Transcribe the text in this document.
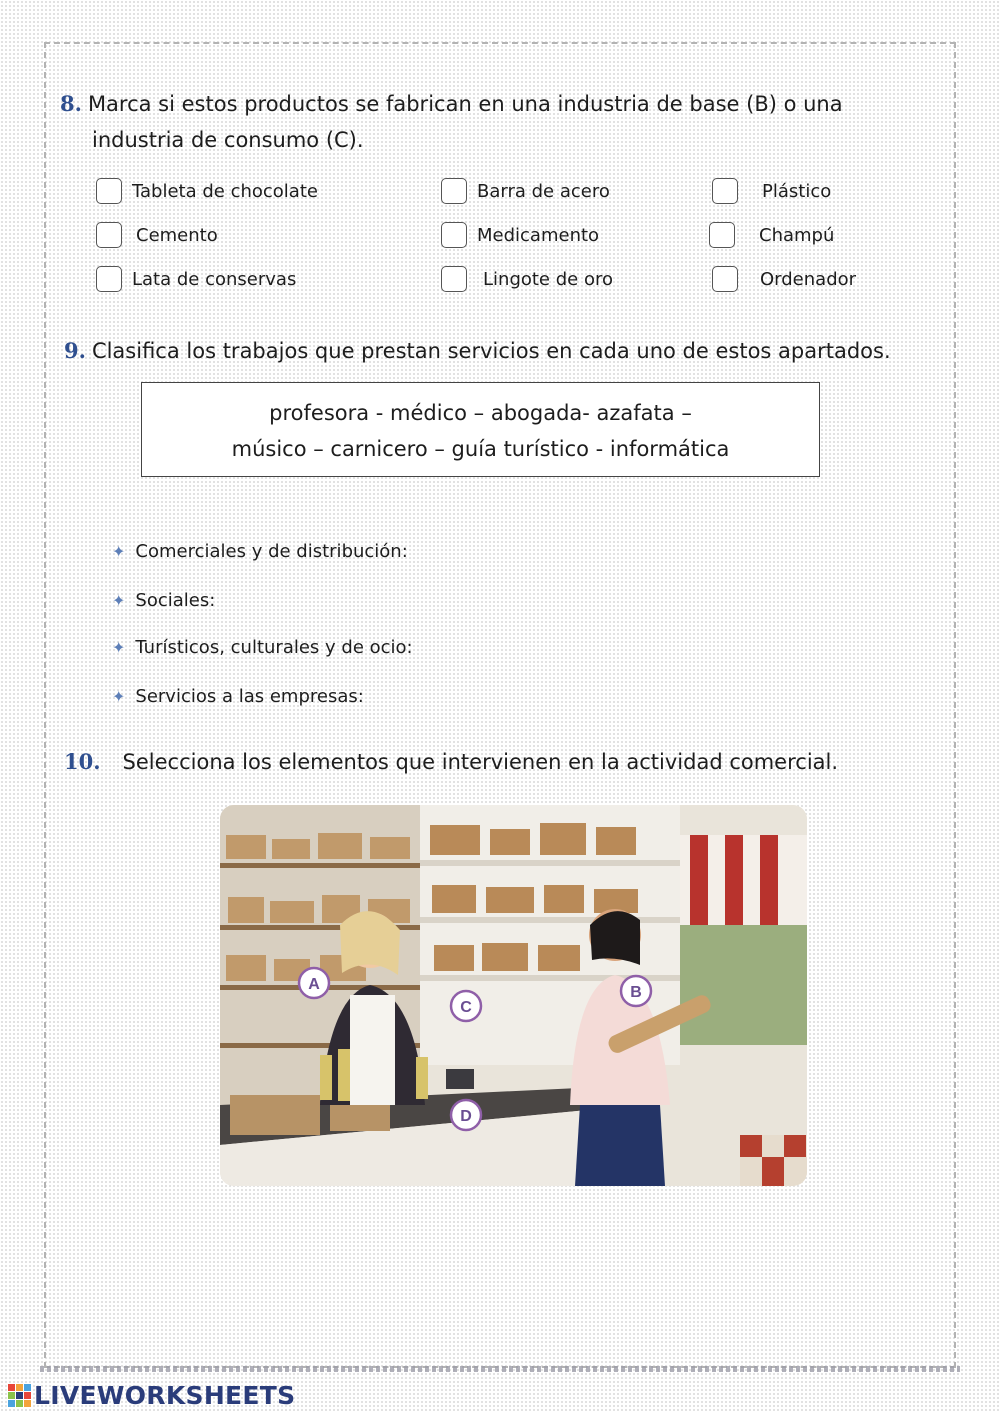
8. Marca si estos productos se fabrican en una industria de base (B) o una
industria de consumo (C).
Tableta de chocolate	Barra de acero	Plástico
Cemento	Medicamento	Champú
Lata de conservas	Lingote de oro	Ordenador
9. Clasifica los trabajos que prestan servicios en cada uno de estos apartados.
profesora - médico – abogada- azafata –
músico – carnicero – guía turístico - informática
✦ Comerciales y de distribución:
✦ Sociales:
✦ Turísticos, culturales y de ocio:
✦ Servicios a las empresas:
10. Selecciona los elementos que intervienen en la actividad comercial.
A	B
C
D
LIVEWORKSHEETS
